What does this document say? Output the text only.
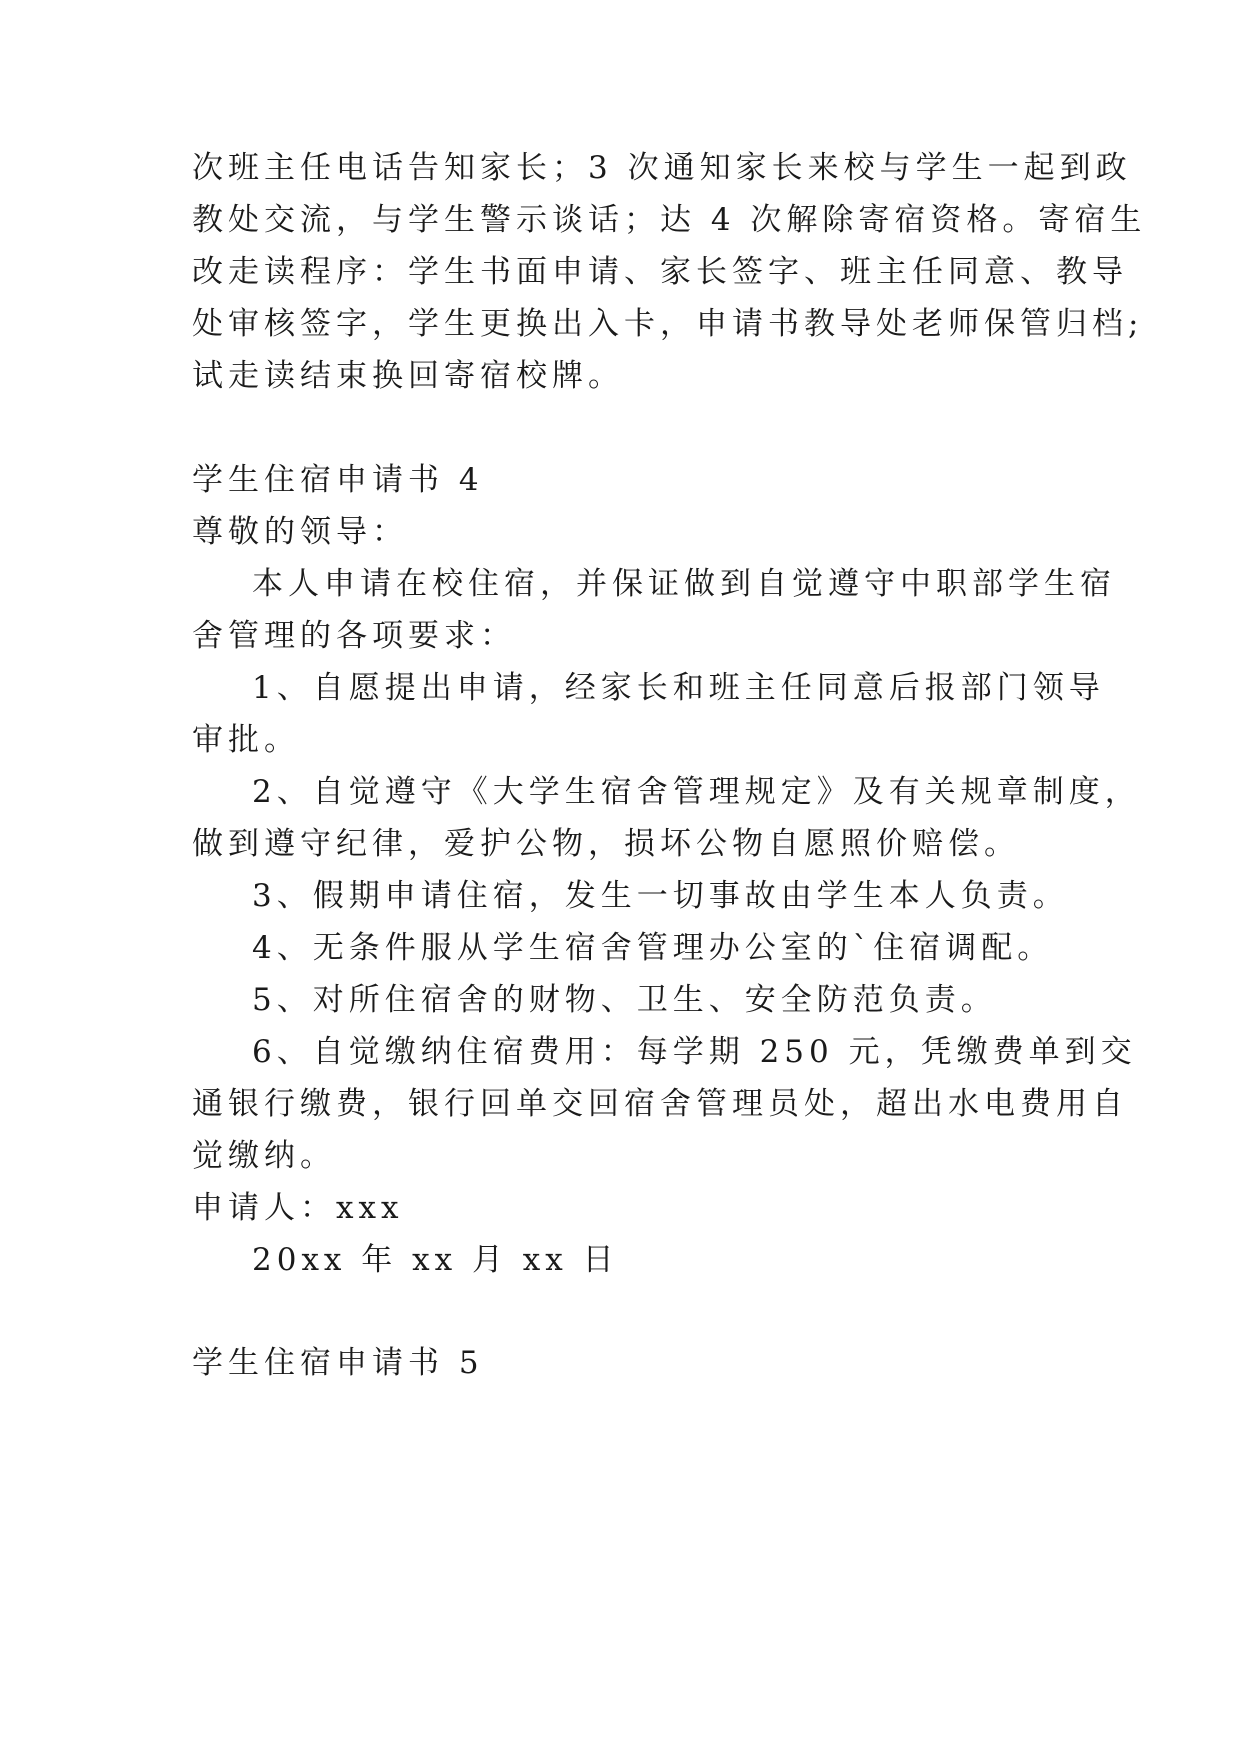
次班主任电话告知家长；3 次通知家长来校与学生一起到政
教处交流，与学生警示谈话；达 4 次解除寄宿资格。寄宿生
改走读程序：学生书面申请、家长签字、班主任同意、教导
处审核签字，学生更换出入卡，申请书教导处老师保管归档;
试走读结束换回寄宿校牌。
学生住宿申请书 4
尊敬的领导：
本人申请在校住宿，并保证做到自觉遵守中职部学生宿
舍管理的各项要求：
1、自愿提出申请，经家长和班主任同意后报部门领导
审批。
2、自觉遵守《大学生宿舍管理规定》及有关规章制度，
做到遵守纪律，爱护公物，损坏公物自愿照价赔偿。
3、假期申请住宿，发生一切事故由学生本人负责。
4、无条件服从学生宿舍管理办公室的`住宿调配。
5、对所住宿舍的财物、卫生、安全防范负责。
6、自觉缴纳住宿费用：每学期 250 元，凭缴费单到交
通银行缴费，银行回单交回宿舍管理员处，超出水电费用自
觉缴纳。
申请人：xxx
20xx 年 xx 月 xx 日
学生住宿申请书 5
